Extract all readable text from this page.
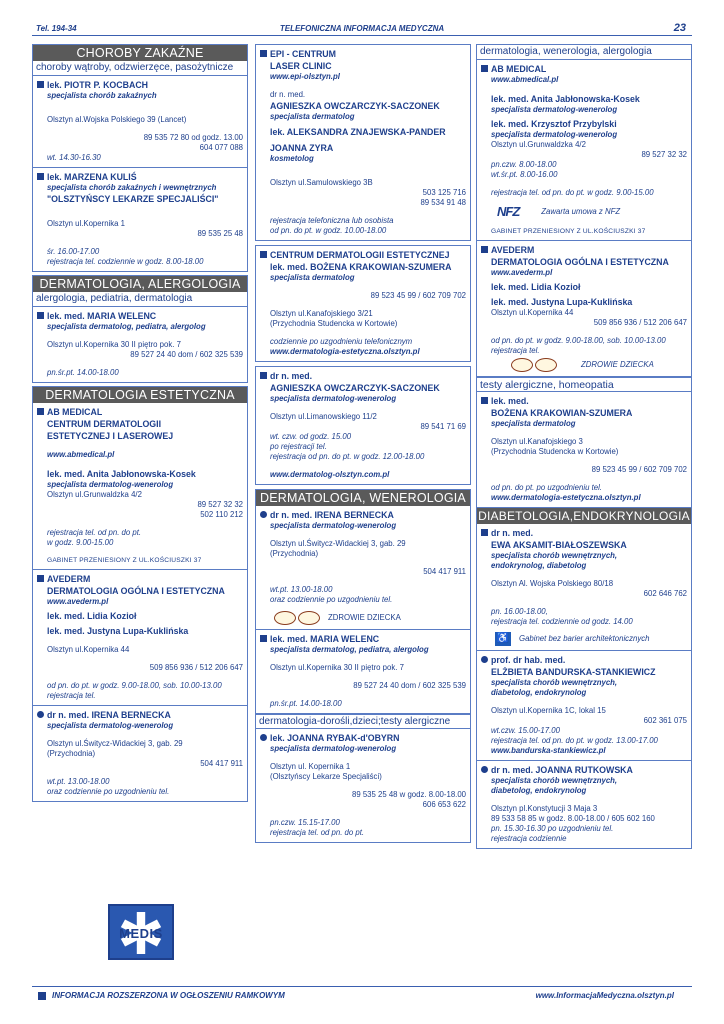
Tel. 194-34	TELEFONICZNA INFORMACJA MEDYCZNA	23
CHOROBY ZAKAŹNE
choroby wątroby, odzwierzęce, pasożytnicze
lek. PIOTR P. KOCBACH
specjalista chorób zakaźnych
Olsztyn al.Wojska Polskiego 39 (Lancet)
89 535 72 80 od godz. 13.00
604 077 088
wt. 14.30-16.30
lek. MARZENA KULIŚ
specjalista chorób zakaźnych i wewnętrznych
"OLSZTYŃSCY LEKARZE SPECJALIŚCI"
Olsztyn ul.Kopernika 1
89 535 25 48
śr. 16.00-17.00
rejestracja tel. codziennie w godz. 8.00-18.00
DERMATOLOGIA, ALERGOLOGIA
alergologia, pediatria, dermatologia
lek. med. MARIA WELENC
specjalista dermatolog, pediatra, alergolog
Olsztyn ul.Kopernika 30 II piętro pok. 7
89 527 24 40 dom / 602 325 539
pn.śr.pt. 14.00-18.00
DERMATOLOGIA ESTETYCZNA
AB MEDICAL
CENTRUM DERMATOLOGII
ESTETYCZNEJ I LASEROWEJ
www.abmedical.pl
lek. med. Anita Jabłonowska-Kosek
specjalista dermatolog-wenerolog
Olsztyn ul.Grunwaldzka 4/2
89 527 32 32
502 110 212
rejestracja tel. od pn. do pt.
w godz. 9.00-15.00
GABINET PRZENIESIONY Z UL.KOŚCIUSZKI 37
AVEDERM
DERMATOLOGIA OGÓLNA I ESTETYCZNA
www.avederm.pl
lek. med. Lidia Kozioł
lek. med. Justyna Lupa-Kuklińska
Olsztyn ul.Kopernika 44
509 856 936 / 512 206 647
od pn. do pt. w godz. 9.00-18.00, sob. 10.00-13.00
rejestracja tel.
dr n. med. IRENA BERNECKA
specjalista dermatolog-wenerolog
Olsztyn ul.Świtycz-Widackiej 3, gab. 29
(Przychodnia)
504 417 911
wt.pt. 13.00-18.00
oraz codziennie po uzgodnieniu tel.
MEDIS
EPI - CENTRUM
LASER CLINIC
www.epi-olsztyn.pl
dr n. med.
AGNIESZKA OWCZARCZYK-SACZONEK
specjalista dermatolog
lek. ALEKSANDRA ZNAJEWSKA-PANDER
JOANNA ZYRA
kosmetolog
Olsztyn ul.Samulowskiego 3B
503 125 716
89 534 91 48
rejestracja telefoniczna lub osobista
od pn. do pt. w godz. 10.00-18.00
CENTRUM DERMATOLOGII ESTETYCZNEJ
lek. med. BOŻENA KRAKOWIAN-SZUMERA
specjalista dermatolog
89 523 45 99 / 602 709 702
Olsztyn ul.Kanafojskiego 3/21
(Przychodnia Studencka w Kortowie)
codziennie po uzgodnieniu telefonicznym
www.dermatologia-estetyczna.olsztyn.pl
dr n. med.
AGNIESZKA OWCZARCZYK-SACZONEK
specjalista dermatolog-wenerolog
Olsztyn ul.Limanowskiego 11/2
89 541 71 69
wt. czw. od godz. 15.00
po rejestracji tel.
rejestracja od pn. do pt. w godz. 12.00-18.00
www.dermatolog-olsztyn.com.pl
DERMATOLOGIA, WENEROLOGIA
dr n. med. IRENA BERNECKA
specjalista dermatolog-wenerolog
Olsztyn ul.Świtycz-Widackiej 3, gab. 29
(Przychodnia)
504 417 911
wt.pt. 13.00-18.00
oraz codziennie po uzgodnieniu tel.
ZDROWIE DZIECKA
lek. med. MARIA WELENC
specjalista dermatolog, pediatra, alergolog
Olsztyn ul.Kopernika 30 II piętro pok. 7
89 527 24 40 dom / 602 325 539
pn.śr.pt. 14.00-18.00
dermatologia-dorośli,dzieci;testy alergiczne
lek. JOANNA RYBAK-d'OBYRN
specjalista dermatolog-wenerolog
Olsztyn ul. Kopernika 1
(Olsztyńscy Lekarze Specjaliści)
89 535 25 48 w godz. 8.00-18.00
606 653 622
pn.czw. 15.15-17.00
rejestracja tel. od pn. do pt.
dermatologia, wenerologia, alergologia
AB MEDICAL
www.abmedical.pl
lek. med. Anita Jabłonowska-Kosek
specjalista dermatolog-wenerolog
lek. med. Krzysztof Przybylski
specjalista dermatolog-wenerolog
Olsztyn ul.Grunwaldzka 4/2
89 527 32 32
pn.czw. 8.00-18.00
wt.śr.pt. 8.00-16.00
rejestracja tel. od pn. do pt. w godz. 9.00-15.00
NFZ	Zawarta umowa z NFZ
GABINET PRZENIESIONY Z UL.KOŚCIUSZKI 37
AVEDERM
DERMATOLOGIA OGÓLNA I ESTETYCZNA
www.avederm.pl
lek. med. Lidia Kozioł
lek. med. Justyna Lupa-Kuklińska
Olsztyn ul.Kopernika 44
509 856 936 / 512 206 647
od pn. do pt. w godz. 9.00-18.00, sob. 10.00-13.00
rejestracja tel.
ZDROWIE DZIECKA
testy alergiczne, homeopatia
lek. med.
BOŻENA KRAKOWIAN-SZUMERA
specjalista dermatolog
Olsztyn ul.Kanafojskiego 3
(Przychodnia Studencka w Kortowie)
89 523 45 99 / 602 709 702
od pn. do pt. po uzgodnieniu tel.
www.dermatologia-estetyczna.olsztyn.pl
DIABETOLOGIA,ENDOKRYNOLOGIA
dr n. med.
EWA AKSAMIT-BIAŁOSZEWSKA
specjalista chorób wewnętrznych,
endokrynolog, diabetolog
Olsztyn Al. Wojska Polskiego 80/18
602 646 762
pn. 16.00-18.00,
rejestracja tel. codziennie od godz. 14.00
♿ Gabinet bez barier architektonicznych
prof. dr hab. med.
ELŻBIETA BANDURSKA-STANKIEWICZ
specjalista chorób wewnętrznych,
diabetolog, endokrynolog
Olsztyn ul.Kopernika 1C, lokal 15
602 361 075
wt.czw. 15.00-17.00
rejestracja tel. od pn. do pt. w godz. 13.00-17.00
www.bandurska-stankiewicz.pl
dr n. med. JOANNA RUTKOWSKA
specjalista chorób wewnętrznych,
diabetolog, endokrynolog
Olsztyn pl.Konstytucji 3 Maja 3
89 533 58 85 w godz. 8.00-18.00 / 605 602 160
pn. 15.30-16.30 po uzgodnieniu tel.
rejestracja codziennie
INFORMACJA ROZSZERZONA W OGŁOSZENIU RAMKOWYM	www.InformacjaMedyczna.olsztyn.pl
